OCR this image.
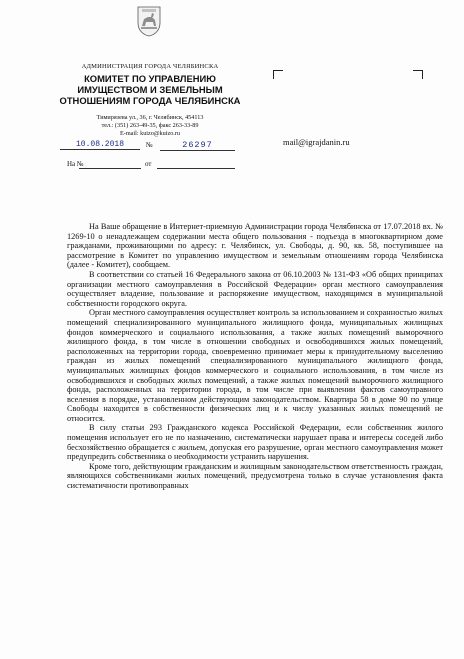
АДМИНИСТРАЦИЯ ГОРОДА ЧЕЛЯБИНСКА
КОМИТЕТ ПО УПРАВЛЕНИЮ
ИМУЩЕСТВОМ И ЗЕМЕЛЬНЫМ
ОТНОШЕНИЯМ ГОРОДА ЧЕЛЯБИНСКА
Тимирязева ул., 36, г. Челябинск, 454113
тел.: (351) 263-49-35, факс 263-33-89
E-mail: kuizo@kuizo.ru
10.08.2018	№	26297
На №	от
mail@igrajdanin.ru

На Ваше обращение в Интернет-приемную Администрации города Челябинска от 17.07.2018 вх. № 1269-10 о ненадлежащем содержании места общего пользования - подъезда в многоквартирном доме гражданами, проживающими по адресу: г. Челябинск, ул. Свободы, д. 90, кв. 58, поступившее на рассмотрение в Комитет по управлению имуществом и земельным отношениям города Челябинска (далее - Комитет), сообщаем.

В соответствии со статьей 16 Федерального закона от 06.10.2003 № 131-ФЗ «Об общих принципах организации местного самоуправления в Российской Федерации» орган местного самоуправления осуществляет владение, пользование и распоряжение имуществом, находящимся в муниципальной собственности городского округа.

Орган местного самоуправления осуществляет контроль за использованием и сохранностью жилых помещений специализированного муниципального жилищного фонда, муниципальных жилищных фондов коммерческого и социального использования, а также жилых помещений выморочного жилищного фонда, в том числе в отношении свободных и освободившихся жилых помещений, расположенных на территории города, своевременно принимает меры к принудительному выселению граждан из жилых помещений специализированного муниципального жилищного фонда, муниципальных жилищных фондов коммерческого и социального использования, в том числе из освободившихся и свободных жилых помещений, а также жилых помещений выморочного жилищного фонда, расположенных на территории города, в том числе при выявлении фактов самоуправного вселения в порядке, установленном действующим законодательством. Квартира 58 в доме 90 по улице Свободы находится в собственности физических лиц и к числу указанных жилых помещений не относится.

В силу статьи 293 Гражданского кодекса Российской Федерации, если собственник жилого помещения использует его не по назначению, систематически нарушает права и интересы соседей либо бесхозяйственно обращается с жильем, допуская его разрушение, орган местного самоуправления может предупредить собственника о необходимости устранить нарушения.

Кроме того, действующим гражданским и жилищным законодательством ответственность граждан, являющихся собственниками жилых помещений, предусмотрена только в случае установления факта систематичности противоправных
